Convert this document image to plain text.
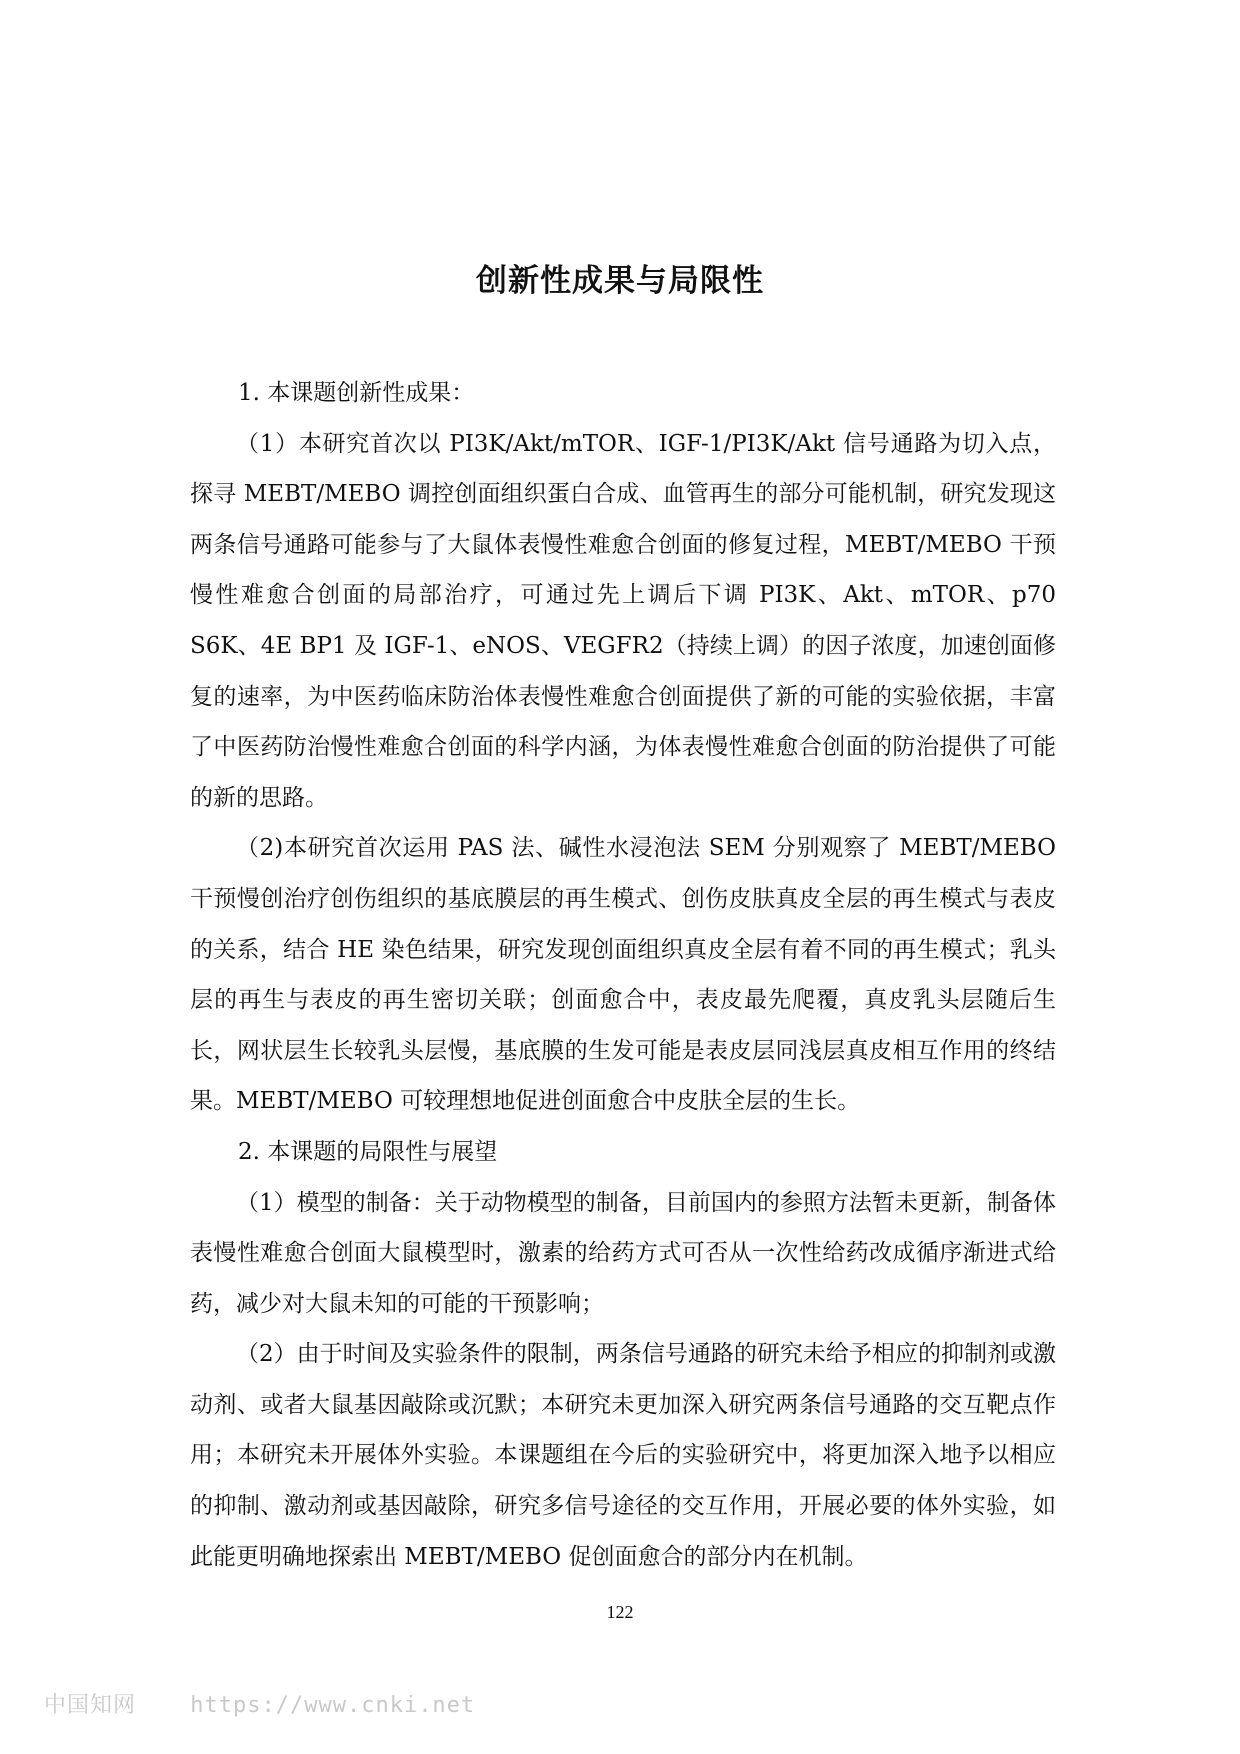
创新性成果与局限性

1. 本课题创新性成果：

（1）本研究首次以 PI3K/Akt/mTOR、IGF-1/PI3K/Akt 信号通路为切入点，探寻 MEBT/MEBO 调控创面组织蛋白合成、血管再生的部分可能机制，研究发现这两条信号通路可能参与了大鼠体表慢性难愈合创面的修复过程，MEBT/MEBO 干预慢性难愈合创面的局部治疗，可通过先上调后下调 PI3K、Akt、mTOR、p70 S6K、4E BP1 及 IGF-1、eNOS、VEGFR2（持续上调）的因子浓度，加速创面修复的速率，为中医药临床防治体表慢性难愈合创面提供了新的可能的实验依据，丰富了中医药防治慢性难愈合创面的科学内涵，为体表慢性难愈合创面的防治提供了可能的新的思路。

（2)本研究首次运用 PAS 法、碱性水浸泡法 SEM 分别观察了 MEBT/MEBO 干预慢创治疗创伤组织的基底膜层的再生模式、创伤皮肤真皮全层的再生模式与表皮的关系，结合 HE 染色结果，研究发现创面组织真皮全层有着不同的再生模式；乳头层的再生与表皮的再生密切关联；创面愈合中，表皮最先爬覆，真皮乳头层随后生长，网状层生长较乳头层慢，基底膜的生发可能是表皮层同浅层真皮相互作用的终结果。MEBT/MEBO 可较理想地促进创面愈合中皮肤全层的生长。

2. 本课题的局限性与展望

（1）模型的制备：关于动物模型的制备，目前国内的参照方法暂未更新，制备体表慢性难愈合创面大鼠模型时，激素的给药方式可否从一次性给药改成循序渐进式给药，减少对大鼠未知的可能的干预影响；

（2）由于时间及实验条件的限制，两条信号通路的研究未给予相应的抑制剂或激动剂、或者大鼠基因敲除或沉默；本研究未更加深入研究两条信号通路的交互靶点作用；本研究未开展体外实验。本课题组在今后的实验研究中，将更加深入地予以相应的抑制、激动剂或基因敲除，研究多信号途径的交互作用，开展必要的体外实验，如此能更明确地探索出 MEBT/MEBO 促创面愈合的部分内在机制。

122
中国知网 https://www.cnki.net
